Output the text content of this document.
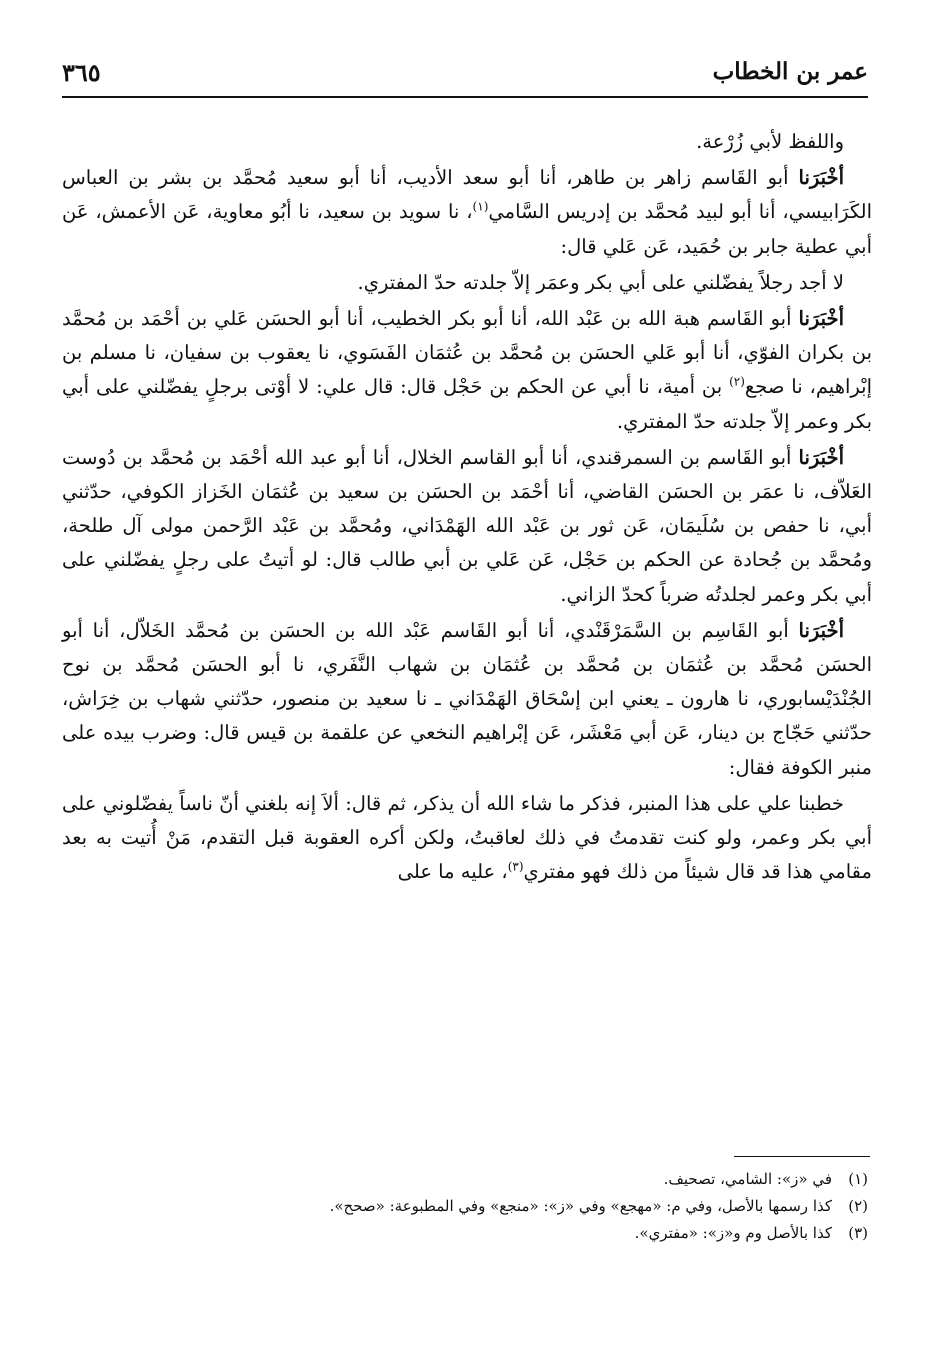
عمر بن الخطاب
٣٦٥

واللفظ لأبي زُرْعة.

أخْبَرَنا أبو القَاسم زاهر بن طاهر، أنا أبو سعد الأديب، أنا أبو سعيد مُحمَّد بن بشر بن العباس الكَرَابيسي، أنا أبو لبيد مُحمَّد بن إدريس السَّامي$^{(١)}$، نا سويد بن سعيد، نا أبُو معاوية، عَن الأعمش، عَن أبي عطية جابر بن حُمَيد، عَن عَلي قال:

لا أجد رجلاً يفضّلني على أبي بكر وعمَر إلاّ جلدته حدّ المفتري.

أخْبَرَنا أبو القَاسم هبة الله بن عَبْد الله، أنا أبو بكر الخطيب، أنا أبو الحسَن عَلي بن أحْمَد بن مُحمَّد بن بكران الفوّي، أنا أبو عَلي الحسَن بن مُحمَّد بن عُثمَان الفَسَوي، نا يعقوب بن سفيان، نا مسلم بن إبْراهيم، نا صجع$^{(٢)}$ بن أمية، نا أبي عن الحكم بن حَجْل قال: قال علي: لا أوْتى برجلٍ يفضّلني على أبي بكر وعمر إلاّ جلدته حدّ المفتري.

أخْبَرَنا أبو القَاسم بن السمرقندي، أنا أبو القاسم الخلال، أنا أبو عبد الله أحْمَد بن مُحمَّد بن دُوست العَلاّف، نا عمَر بن الحسَن القاضي، أنا أحْمَد بن الحسَن بن سعيد بن عُثمَان الخَزاز الكوفي، حدّثني أبي، نا حفص بن سُلَيمَان، عَن ثور بن عَبْد الله الهَمْدَاني، ومُحمَّد بن عَبْد الرَّحمن مولى آل طلحة، ومُحمَّد بن جُحادة عن الحكم بن حَجْل، عَن عَلي بن أبي طالب قال: لو أتيتُ على رجلٍ يفضّلني على أبي بكر وعمر لجلدتُه ضرباً كحدّ الزاني.

أخْبَرَنا أبو القَاسِم بن السَّمَرْقَنْدي، أنا أبو القَاسم عَبْد الله بن الحسَن بن مُحمَّد الخَلاّل، أنا أبو الحسَن مُحمَّد بن عُثمَان بن مُحمَّد بن عُثمَان بن شهاب النَّفَري، نا أبو الحسَن مُحمَّد بن نوح الجُنْدَيْسابوري، نا هارون ـ يعني ابن إسْحَاق الهَمْدَاني ـ نا سعيد بن منصور، حدّثني شهاب بن خِرَاش، حدّثني حَجّاج بن دينار، عَن أبي مَعْشَر، عَن إبْراهيم النخعي عن علقمة بن قيس قال: وضرب بيده على منبر الكوفة فقال:

خطبنا علي على هذا المنبر، فذكر ما شاء الله أن يذكر، ثم قال: ألاَ إنه بلغني أنّ ناساً يفضّلوني على أبي بكر وعمر، ولو كنت تقدمتُ في ذلك لعاقبتُ، ولكن أكره العقوبة قبل التقدم، مَنْ أُتيت به بعد مقامي هذا قد قال شيئاً من ذلك فهو مفتري$^{(٣)}$، عليه ما على

(١)في «ز»: الشامي، تصحيف.

(٢)كذا رسمها بالأصل، وفي م: «مهجع» وفي «ز»: «منجع» وفي المطبوعة: «صحح».

(٣)كذا بالأصل وم و«ز»: «مفتري».
